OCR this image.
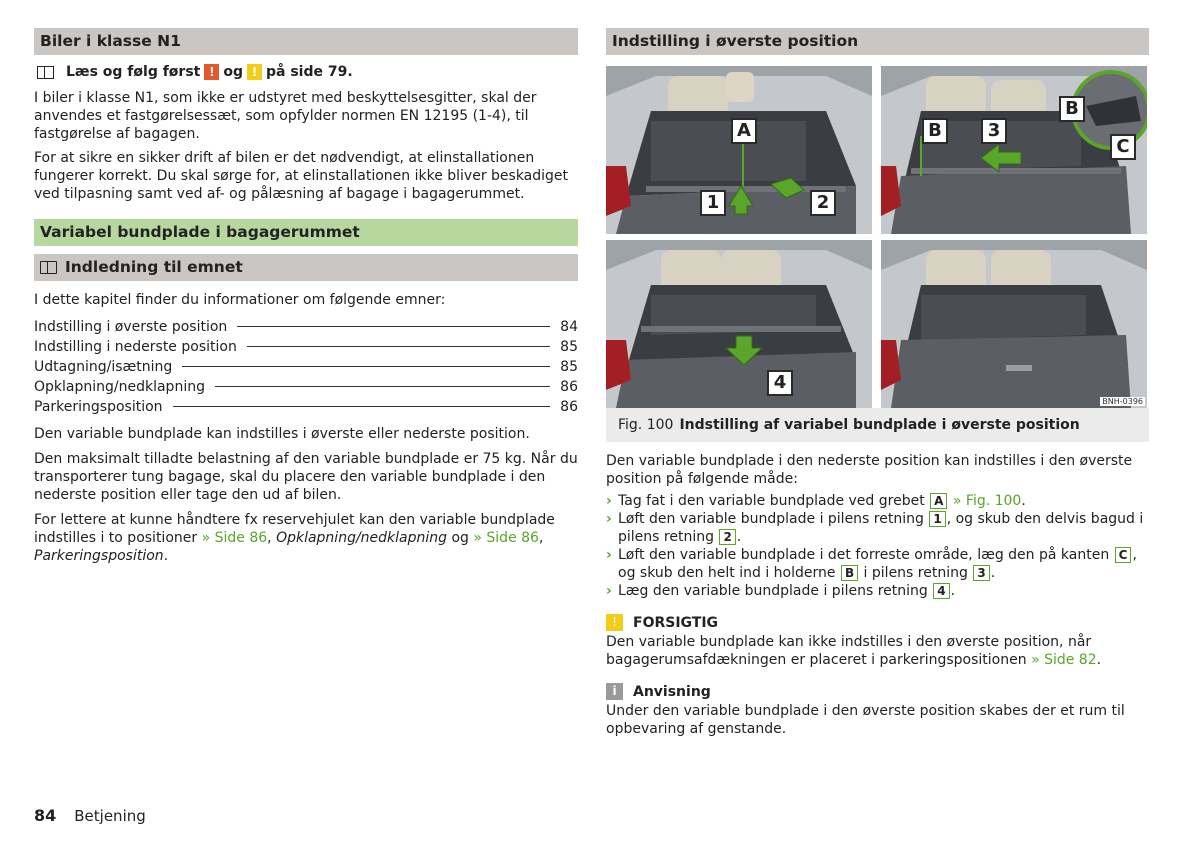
Biler i klasse N1
Læs og følg først ! og ! på side 79.

I biler i klasse N1, som ikke er udstyret med beskyttelsesgitter, skal der anvendes et fastgørelsessæt, som opfylder normen EN 12195 (1-4), til fastgørelse af bagagen.

For at sikre en sikker drift af bilen er det nødvendigt, at elinstallationen fungerer korrekt. Du skal sørge for, at elinstallationen ikke bliver beskadiget ved tilpasning samt ved af- og pålæsning af bagage i bagagerummet.

Variabel bundplade i bagagerummet
Indledning til emnet

I dette kapitel finder du informationer om følgende emner:

Indstilling i øverste position	84
Indstilling i nederste position	85
Udtagning/isætning	85
Opklapning/nedklapning	86
Parkeringsposition	86

Den variable bundplade kan indstilles i øverste eller nederste position.

Den maksimalt tilladte belastning af den variable bundplade er 75 kg. Når du transporterer tung bagage, skal du placere den variable bundplade i den nederste position eller tage den ud af bilen.

For lettere at kunne håndtere fx reservehjulet kan den variable bundplade indstilles i to positioner » Side 86, Opklapning/nedklapning og » Side 86, Parkeringsposition.

Indstilling i øverste position
A
1	2
B	3
B
C
4
BNH-0396
Fig. 100 Indstilling af variabel bundplade i øverste position

Den variable bundplade i den nederste position kan indstilles i den øverste position på følgende måde:

› Tag fat i den variable bundplade ved grebet A » Fig. 100.
› Løft den variable bundplade i pilens retning 1 , og skub den delvis bagud i pilens retning 2 .
› Løft den variable bundplade i det forreste område, læg den på kanten C , og skub den helt ind i holderne B i pilens retning 3 .
› Læg den variable bundplade i pilens retning 4 .
!	FORSIGTIG

Den variable bundplade kan ikke indstilles i den øverste position, når bagagerumsafdækningen er placeret i parkeringspositionen » Side 82.

i	Anvisning

Under den variable bundplade i den øverste position skabes der et rum til opbevaring af genstande.

84 Betjening
